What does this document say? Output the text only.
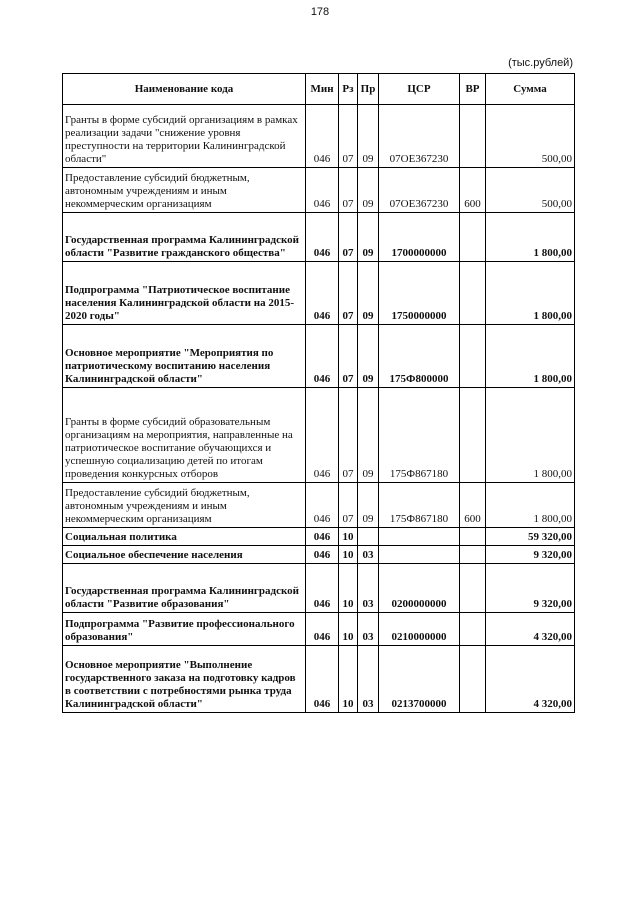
178
(тыс.рублей)
Наименование кода	Мин	Рз	Пр	ЦСР	ВР	Сумма
Гранты в форме субсидий организациям в рамках реализации задачи "снижение уровня преступности на территории Калининградской области"	046	07	09	07ОЕ367230		500,00
Предоставление субсидий бюджетным, автономным учреждениям и иным некоммерческим организациям	046	07	09	07ОЕ367230	600	500,00
Государственная программа Калининградской области "Развитие гражданского общества"	046	07	09	1700000000		1 800,00
Подпрограмма "Патриотическое воспитание населения Калининградской области на 2015-2020 годы"	046	07	09	1750000000		1 800,00
Основное мероприятие "Мероприятия по патриотическому воспитанию населения Калининградской области"	046	07	09	175Ф800000		1 800,00
Гранты в форме субсидий образовательным организациям на мероприятия, направленные на патриотическое воспитание обучающихся и успешную социализацию детей по итогам проведения конкурсных отборов	046	07	09	175Ф867180		1 800,00
Предоставление субсидий бюджетным, автономным учреждениям и иным некоммерческим организациям	046	07	09	175Ф867180	600	1 800,00
Социальная политика	046	10				59 320,00
Социальное обеспечение населения	046	10	03			9 320,00
Государственная программа Калининградской области "Развитие образования"	046	10	03	0200000000		9 320,00
Подпрограмма "Развитие профессионального образования"	046	10	03	0210000000		4 320,00
Основное мероприятие "Выполнение государственного заказа на подготовку кадров в соответствии с потребностями рынка труда Калининградской области"	046	10	03	0213700000		4 320,00
